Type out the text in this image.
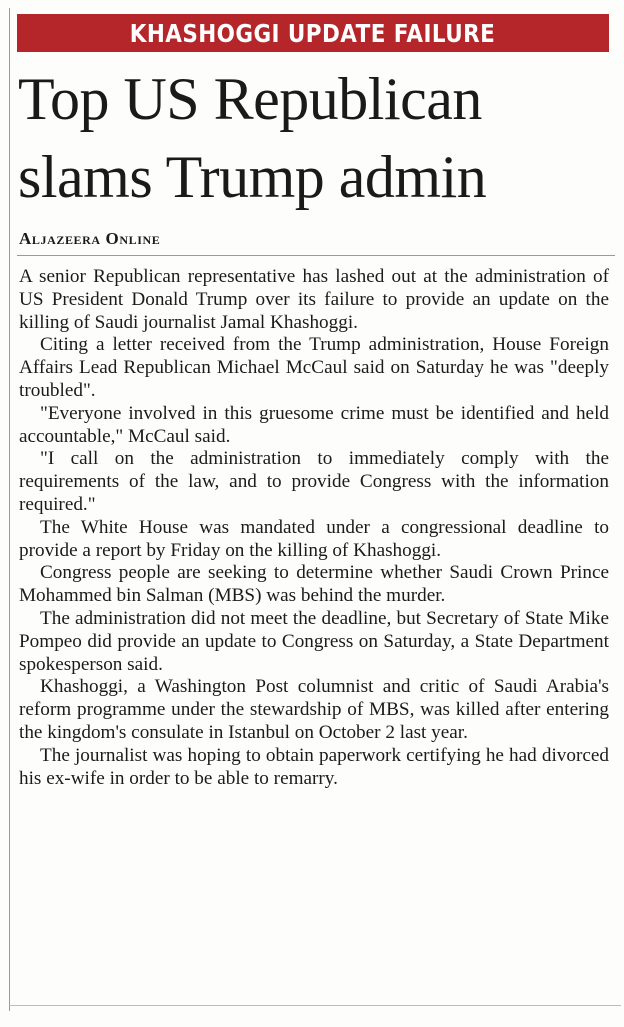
KHASHOGGI UPDATE FAILURE
Top US Republican
slams Trump admin
Aljazeera Online

A senior Republican representative has lashed out at the administration of US President Donald Trump over its failure to provide an update on the killing of Saudi journalist Jamal Khashoggi.

Citing a letter received from the Trump administration, House Foreign Affairs Lead Republican Michael McCaul said on Saturday he was "deeply troubled".

"Everyone involved in this gruesome crime must be identified and held accountable," McCaul said.

"I call on the administration to immediately comply with the requirements of the law, and to provide Congress with the information required."

The White House was mandated under a congressional deadline to provide a report by Friday on the killing of Khashoggi.

Congress people are seeking to determine whether Saudi Crown Prince Mohammed bin Salman (MBS) was behind the murder.

The administration did not meet the deadline, but Secretary of State Mike Pompeo did provide an update to Congress on Saturday, a State Department spokesperson said.

Khashoggi, a Washington Post columnist and critic of Saudi Arabia's reform programme under the stewardship of MBS, was killed after entering the kingdom's consulate in Istanbul on October 2 last year.

The journalist was hoping to obtain paperwork certifying he had divorced his ex-wife in order to be able to remarry.
